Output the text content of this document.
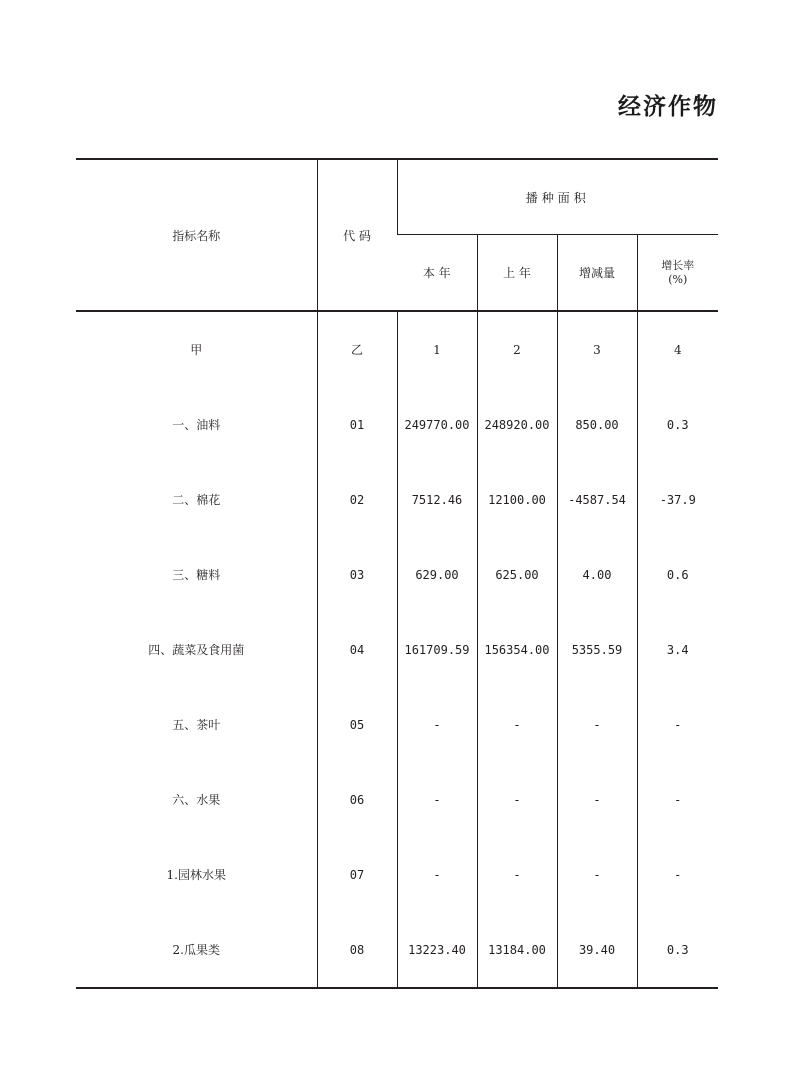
经济作物
指标名称	代 码	播种面积			
		本 年	上 年	增减量	增长率
(%)

甲	乙	1	2	3	4
一、油料	01	249770.00	248920.00	850.00	0.3
二、棉花	02	7512.46	12100.00	-4587.54	-37.9
三、糖料	03	629.00	625.00	4.00	0.6
四、蔬菜及食用菌	04	161709.59	156354.00	5355.59	3.4
五、茶叶	05	-	-	-	-
六、水果	06	-	-	-	-
1.园林水果	07	-	-	-	-
2.瓜果类	08	13223.40	13184.00	39.40	0.3
